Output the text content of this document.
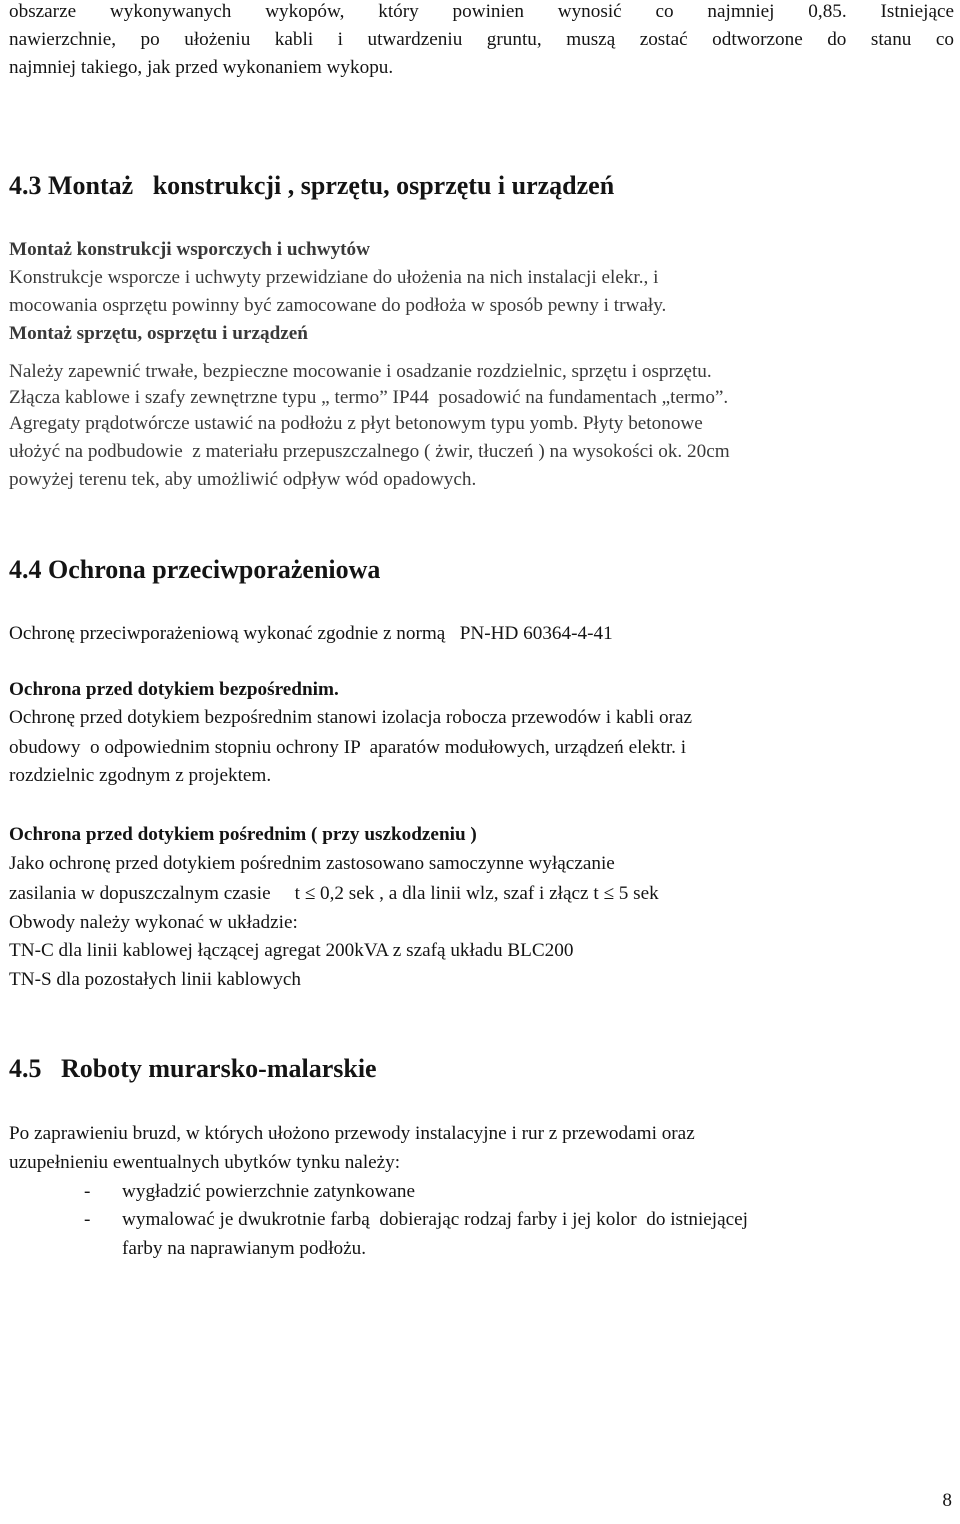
obszarze wykonywanych wykopów, który powinien wynosić co najmniej 0,85. Istniejące
nawierzchnie, po ułożeniu kabli i utwardzeniu gruntu, muszą zostać odtworzone do stanu co
najmniej takiego, jak przed wykonaniem wykopu.
4.3 Montaż   konstrukcji , sprzętu, osprzętu i urządzeń
Montaż konstrukcji wsporczych i uchwytów
Konstrukcje wsporcze i uchwyty przewidziane do ułożenia na nich instalacji elekr., i
mocowania osprzętu powinny być zamocowane do podłoża w sposób pewny i trwały.
Montaż sprzętu, osprzętu i urządzeń
Należy zapewnić trwałe, bezpieczne mocowanie i osadzanie rozdzielnic, sprzętu i osprzętu.
Złącza kablowe i szafy zewnętrzne typu „ termo” IP44  posadowić na fundamentach „termo”.
Agregaty prądotwórcze ustawić na podłożu z płyt betonowym typu yomb. Płyty betonowe
ułożyć na podbudowie  z materiału przepuszczalnego ( żwir, tłuczeń ) na wysokości ok. 20cm
powyżej terenu tek, aby umożliwić odpływ wód opadowych.
4.4 Ochrona przeciwporażeniowa
Ochronę przeciwporażeniową wykonać zgodnie z normą   PN-HD 60364-4-41
Ochrona przed dotykiem bezpośrednim.
Ochronę przed dotykiem bezpośrednim stanowi izolacja robocza przewodów i kabli oraz
obudowy  o odpowiednim stopniu ochrony IP  aparatów modułowych, urządzeń elektr. i
rozdzielnic zgodnym z projektem.
Ochrona przed dotykiem pośrednim ( przy uszkodzeniu )
Jako ochronę przed dotykiem pośrednim zastosowano samoczynne wyłączanie
zasilania w dopuszczalnym czasie     t ≤ 0,2 sek , a dla linii wlz, szaf i złącz t ≤ 5 sek
Obwody należy wykonać w układzie:
TN-C dla linii kablowej łączącej agregat 200kVA z szafą układu BLC200
TN-S dla pozostałych linii kablowych
4.5   Roboty murarsko-malarskie
Po zaprawieniu bruzd, w których ułożono przewody instalacyjne i rur z przewodami oraz
uzupełnieniu ewentualnych ubytków tynku należy:
- wygładzić powierzchnie zatynkowane
- wymalować je dwukrotnie farbą  dobierając rodzaj farby i jej kolor  do istniejącej
farby na naprawianym podłożu.
8
